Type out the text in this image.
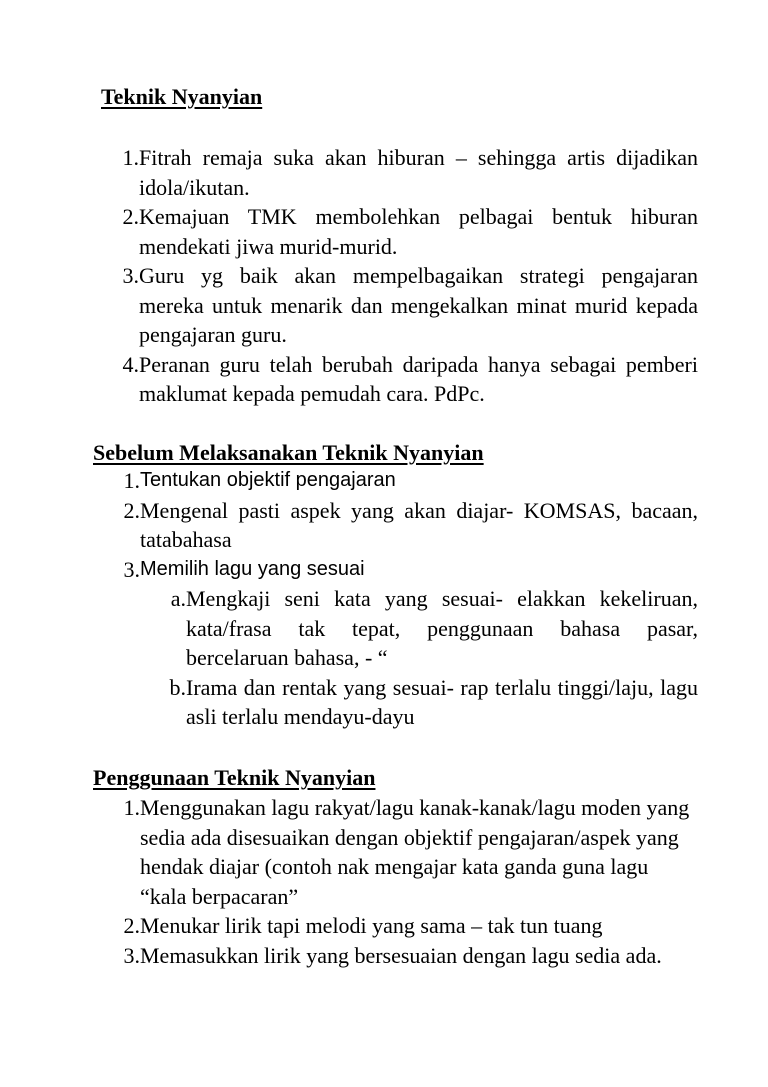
Teknik Nyanyian

1. Fitrah remaja suka akan hiburan – sehingga artis dijadikan idola/ikutan.
2. Kemajuan TMK membolehkan pelbagai bentuk hiburan mendekati jiwa murid-murid.
3. Guru yg baik akan mempelbagaikan strategi pengajaran mereka untuk menarik dan mengekalkan minat murid kepada pengajaran guru.
4. Peranan guru telah berubah daripada hanya sebagai pemberi maklumat kepada pemudah cara. PdPc.

Sebelum Melaksanakan Teknik Nyanyian

1. Tentukan objektif pengajaran
2. Mengenal pasti aspek yang akan diajar- KOMSAS, bacaan, tatabahasa
3. Memilih lagu yang sesuai
a. Mengkaji seni kata yang sesuai- elakkan kekeliruan, kata/frasa tak tepat, penggunaan bahasa pasar, bercelaruan bahasa, - “
b. Irama dan rentak yang sesuai- rap terlalu tinggi/laju, lagu asli terlalu mendayu-dayu

Penggunaan Teknik Nyanyian

1. Menggunakan lagu rakyat/lagu kanak-kanak/lagu moden yang sedia ada disesuaikan dengan objektif pengajaran/aspek yang hendak diajar (contoh nak mengajar kata ganda guna lagu “kala berpacaran”
2. Menukar lirik tapi melodi yang sama – tak tun tuang
3. Memasukkan lirik yang bersesuaian dengan lagu sedia ada.
